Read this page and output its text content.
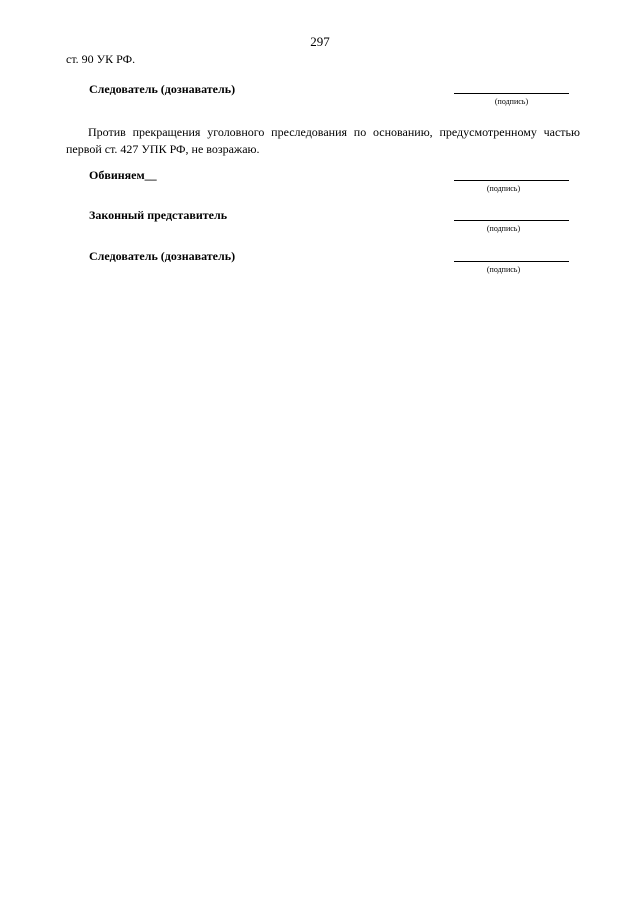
297
ст. 90 УК РФ.
Следователь (дознаватель)
(подпись)
Против прекращения уголовного преследования по основанию, предусмотренному частью первой ст. 427 УПК РФ, не возражаю.
Обвиняем__
(подпись)
Законный представитель
(подпись)
Следователь (дознаватель)
(подпись)
